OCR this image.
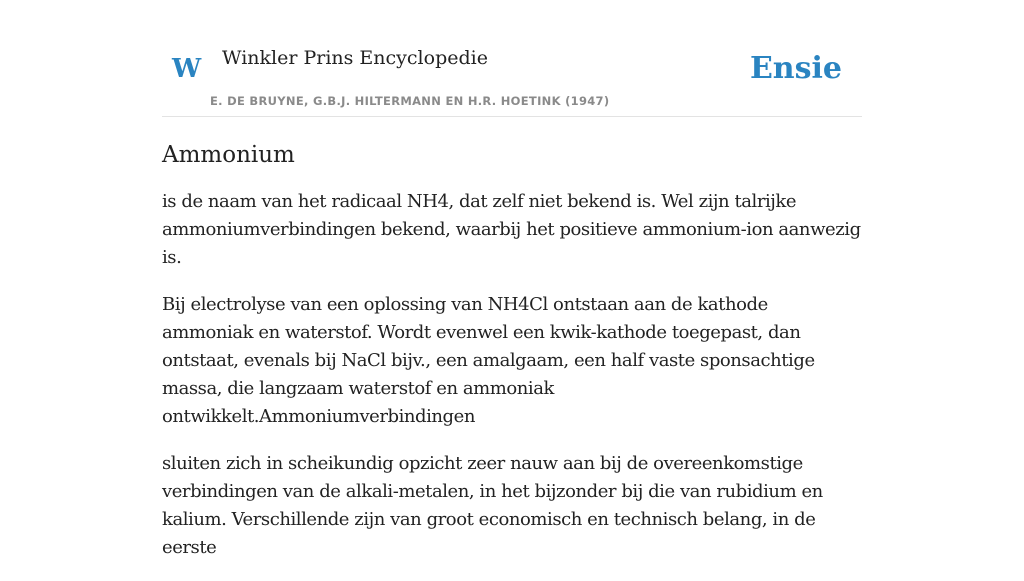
W Winkler Prins Encyclopedie
E. DE BRUYNE, G.B.J. HILTERMANN EN H.R. HOETINK (1947)
Ensie
Ammonium

is de naam van het radicaal NH4, dat zelf niet bekend is. Wel zijn talrijke ammoniumverbindingen bekend, waarbij het positieve ammonium-ion aanwezig is.

Bij electrolyse van een oplossing van NH4Cl ontstaan aan de kathode ammoniak en waterstof. Wordt evenwel een kwik-kathode toegepast, dan ontstaat, evenals bij NaCl bijv., een amalgaam, een half vaste sponsachtige massa, die langzaam waterstof en ammoniak ontwikkelt.Ammoniumverbindingen

sluiten zich in scheikundig opzicht zeer nauw aan bij de overeenkomstige verbindingen van de alkali-metalen, in het bijzonder bij die van rubidium en kalium. Verschillende zijn van groot economisch en technisch belang, in de eerste
